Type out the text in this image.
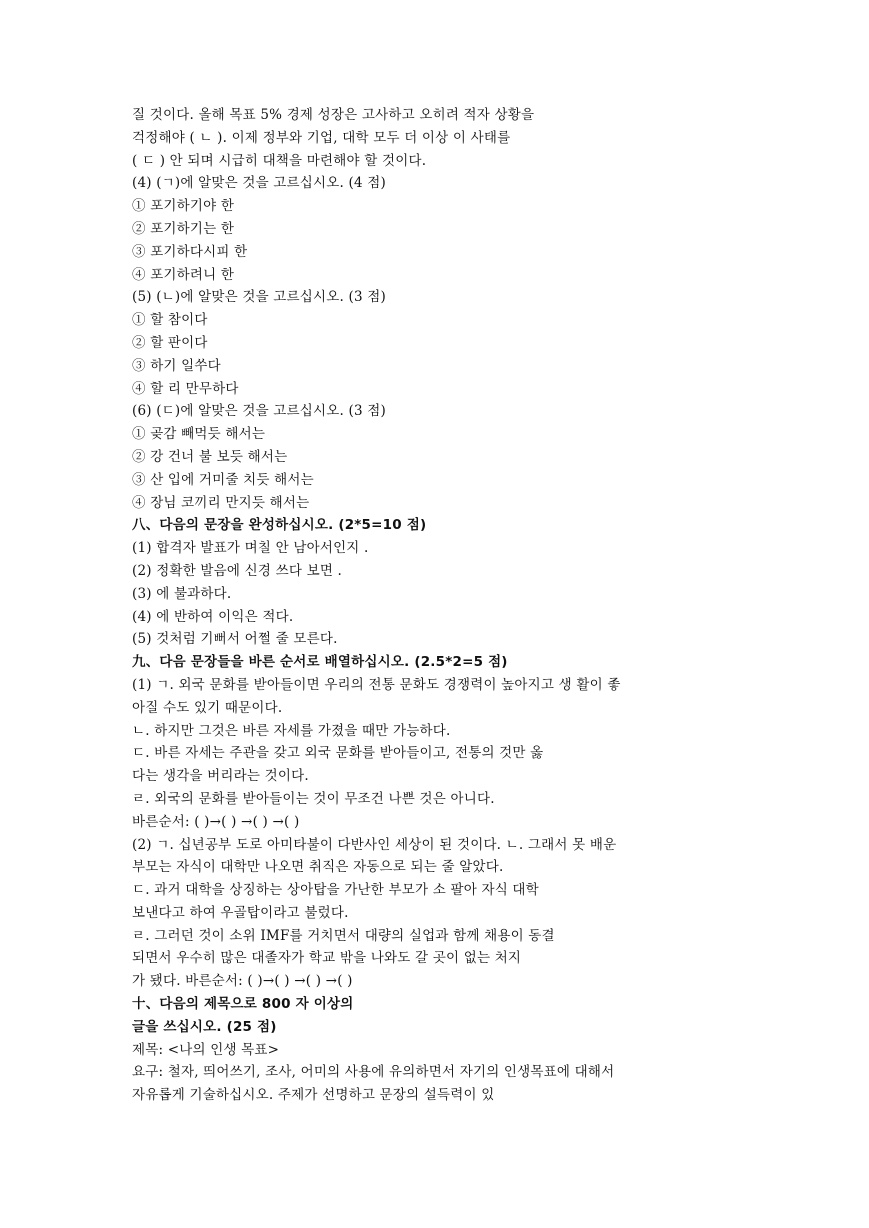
질 것이다. 올해 목표 5% 경제 성장은 고사하고 오히려 적자 상황을
걱정해야 ( ㄴ ). 이제 정부와 기업, 대학 모두 더 이상 이 사태를
( ㄷ ) 안 되며 시급히 대책을 마련해야 할 것이다.
(4) (ㄱ)에 알맞은 것을 고르십시오. (4 점)
① 포기하기야 한
② 포기하기는 한
③ 포기하다시피 한
④ 포기하려니 한
(5) (ㄴ)에 알맞은 것을 고르십시오. (3 점)
① 할 참이다
② 할 판이다
③ 하기 일쑤다
④ 할 리 만무하다
(6) (ㄷ)에 알맞은 것을 고르십시오. (3 점)
① 곶감 빼먹듯 해서는
② 강 건너 불 보듯 해서는
③ 산 입에 거미줄 치듯 해서는
④ 장님 코끼리 만지듯 해서는
八、다음의 문장을 완성하십시오. (2*5=10 점)
(1) 합격자 발표가 며칠 안 남아서인지 .
(2) 정확한 발음에 신경 쓰다 보면 .
(3) 에 불과하다.
(4) 에 반하여 이익은 적다.
(5) 것처럼 기뻐서 어쩔 줄 모른다.
九、다음 문장들을 바른 순서로 배열하십시오. (2.5*2=5 점)
(1) ㄱ. 외국 문화를 받아들이면 우리의 전통 문화도 경쟁력이 높아지고 생 활이 좋
아질 수도 있기 때문이다.
ㄴ. 하지만 그것은 바른 자세를 가졌을 때만 가능하다.
ㄷ. 바른 자세는 주관을 갖고 외국 문화를 받아들이고, 전통의 것만 옳
다는 생각을 버리라는 것이다.
ㄹ. 외국의 문화를 받아들이는 것이 무조건 나쁜 것은 아니다.
바른순서: ( )→( ) →( ) →( )
(2) ㄱ. 십년공부 도로 아미타불이 다반사인 세상이 된 것이다. ㄴ. 그래서 못 배운
부모는 자식이 대학만 나오면 취직은 자동으로 되는 줄 알았다.
ㄷ. 과거 대학을 상징하는 상아탑을 가난한 부모가 소 팔아 자식 대학
보낸다고 하여 우골탑이라고 불렀다.
ㄹ. 그러던 것이 소위 IMF를 거치면서 대량의 실업과 함께 채용이 동결
되면서 우수히 많은 대졸자가 학교 밖을 나와도 갈 곳이 없는 처지
가 됐다. 바른순서: ( )→( ) →( ) →( )
十、다음의 제목으로 800 자 이상의
글을 쓰십시오. (25 점)
제목: <나의 인생 목표>
요구: 철자, 띄어쓰기, 조사, 어미의 사용에 유의하면서 자기의 인생목표에 대해서
자유롭게 기술하십시오. 주제가 선명하고 문장의 설득력이 있
